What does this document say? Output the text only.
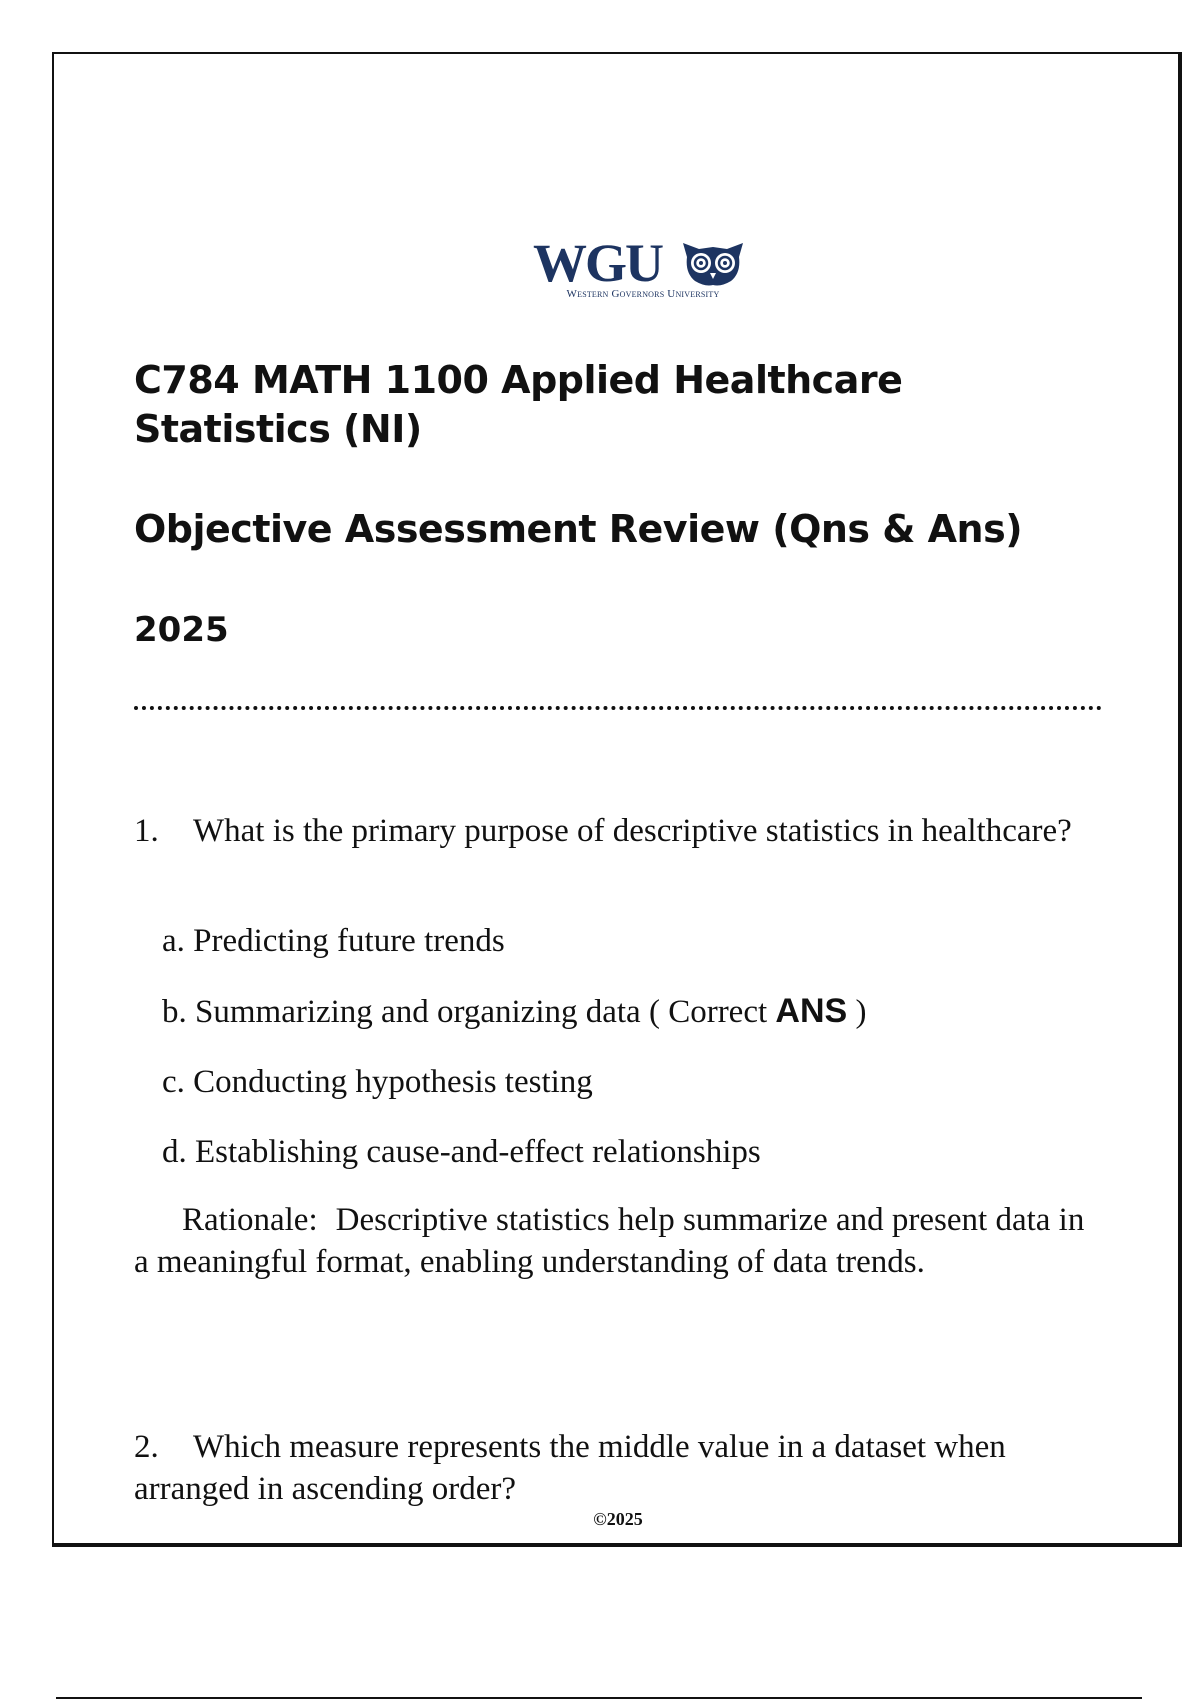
WGU
Western Governors University
C784 MATH 1100 Applied Healthcare Statistics (NI)
Objective Assessment Review (Qns & Ans)
2025

1. What is the primary purpose of descriptive statistics in healthcare?

a. Predicting future trends
b. Summarizing and organizing data ( Correct ANS )
c. Conducting hypothesis testing
d. Establishing cause-and-effect relationships

Rationale: Descriptive statistics help summarize and present data in a meaningful format, enabling understanding of data trends.

2. Which measure represents the middle value in a dataset when arranged in ascending order?

©2025
